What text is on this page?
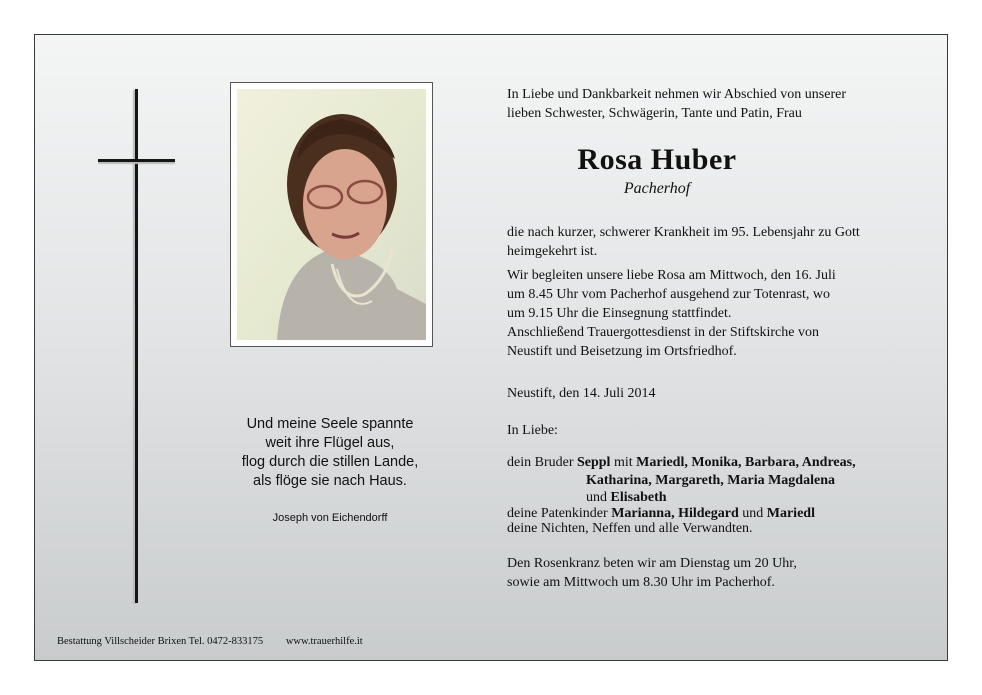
Und meine Seele spannte
weit ihre Flügel aus,
flog durch die stillen Lande,
als flöge sie nach Haus.
Joseph von Eichendorff
In Liebe und Dankbarkeit nehmen wir Abschied von unserer
lieben Schwester, Schwägerin, Tante und Patin, Frau
Rosa Huber
Pacherhof
die nach kurzer, schwerer Krankheit im 95. Lebensjahr zu Gott
heimgekehrt ist.
Wir begleiten unsere liebe Rosa am Mittwoch, den 16. Juli
um 8.45 Uhr vom Pacherhof ausgehend zur Totenrast, wo
um 9.15 Uhr die Einsegnung stattfindet.
Anschließend Trauergottesdienst in der Stiftskirche von
Neustift und Beisetzung im Ortsfriedhof.
Neustift, den 14. Juli 2014
In Liebe:
dein Bruder Seppl mit Mariedl, Monika, Barbara, Andreas,
Katharina, Margareth, Maria Magdalena
und Elisabeth
deine Patenkinder Marianna, Hildegard und Mariedl
deine Nichten, Neffen und alle Verwandten.
Den Rosenkranz beten wir am Dienstag um 20 Uhr,
sowie am Mittwoch um 8.30 Uhr im Pacherhof.
Bestattung Villscheider Brixen Tel. 0472-833175 www.trauerhilfe.it
